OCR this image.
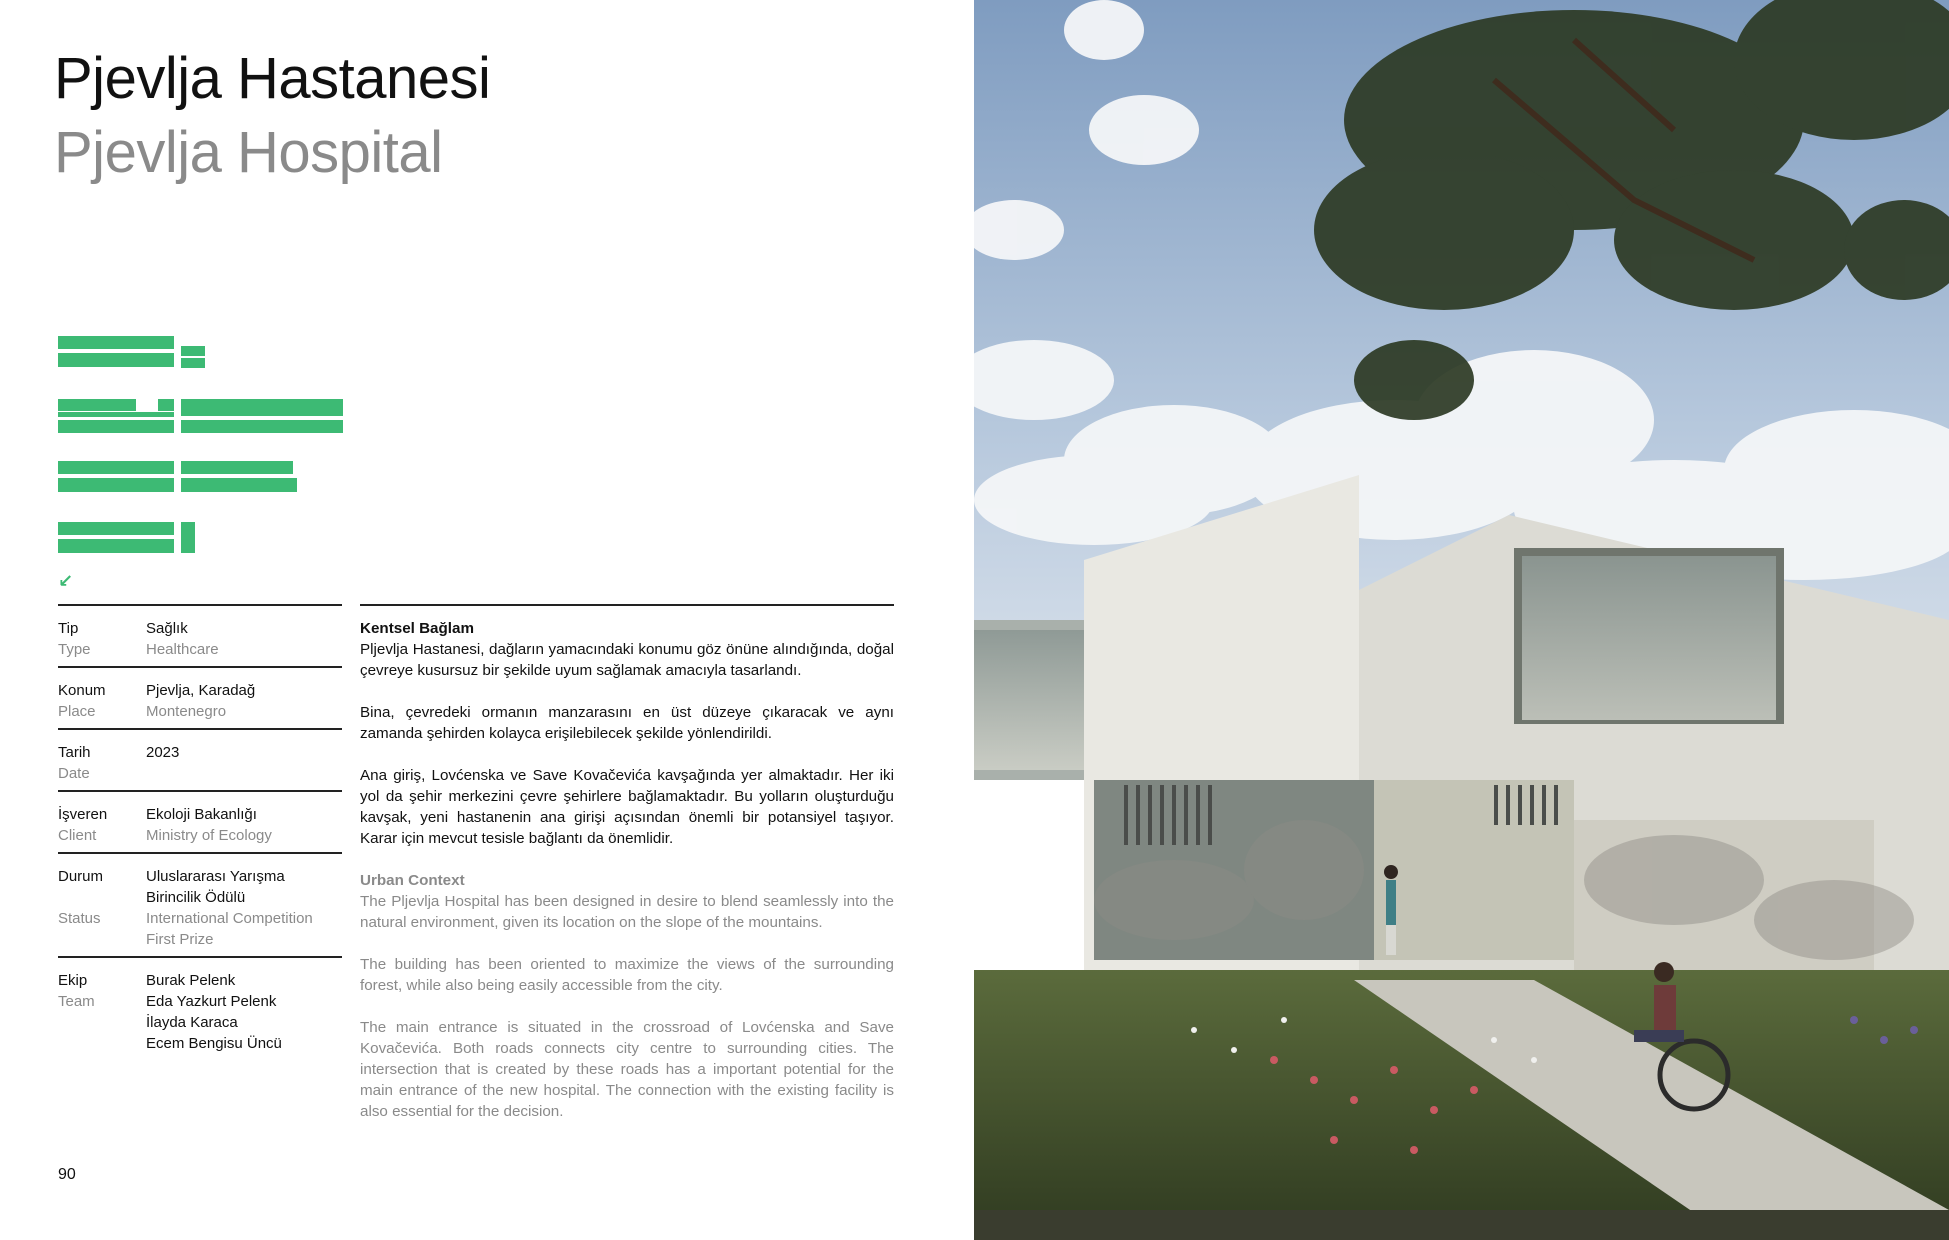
Pjevlja Hastanesi
Pjevlja Hospital
↙
Tip
Type
Sağlık
Healthcare
Konum
Place
Pjevlja, Karadağ
Montenegro
Tarih
Date
2023
İşveren
Client
Ekoloji Bakanlığı
Ministry of Ecology
Durum

Status
Uluslararası Yarışma
Birincilik Ödülü
International Competition
First Prize
Ekip
Team
Burak Pelenk
Eda Yazkurt Pelenk
İlayda Karaca
Ecem Bengisu Üncü

Kentsel Bağlam

Pljevlja Hastanesi, dağların yamacındaki konumu göz önüne alındığında, doğal çevreye kusursuz bir şekilde uyum sağlamak amacıyla tasarlandı.

Bina, çevredeki ormanın manzarasını en üst düzeye çıkaracak ve aynı zamanda şehirden kolayca erişilebilecek şekilde yönlendirildi.

Ana giriş, Lovćenska ve Save Kovačevića kavşağında yer almaktadır. Her iki yol da şehir merkezini çevre şehirlere bağlamaktadır. Bu yolların oluşturduğu kavşak, yeni hastanenin ana girişi açısından önemli bir potansiyel taşıyor. Karar için mevcut tesisle bağlantı da önemlidir.

Urban Context

The Pljevlja Hospital has been designed in desire to blend seamlessly into the natural environment, given its location on the slope of the mountains.

The building has been oriented to maximize the views of the surrounding forest, while also being easily accessible from the city.

The main entrance is situated in the crossroad of Lovćenska and Save Kovačevića. Both roads connects city centre to surrounding cities. The intersection that is created by these roads has a important potential for the main entrance of the new hospital. The connection with the existing facility is also essential for the decision.

90
